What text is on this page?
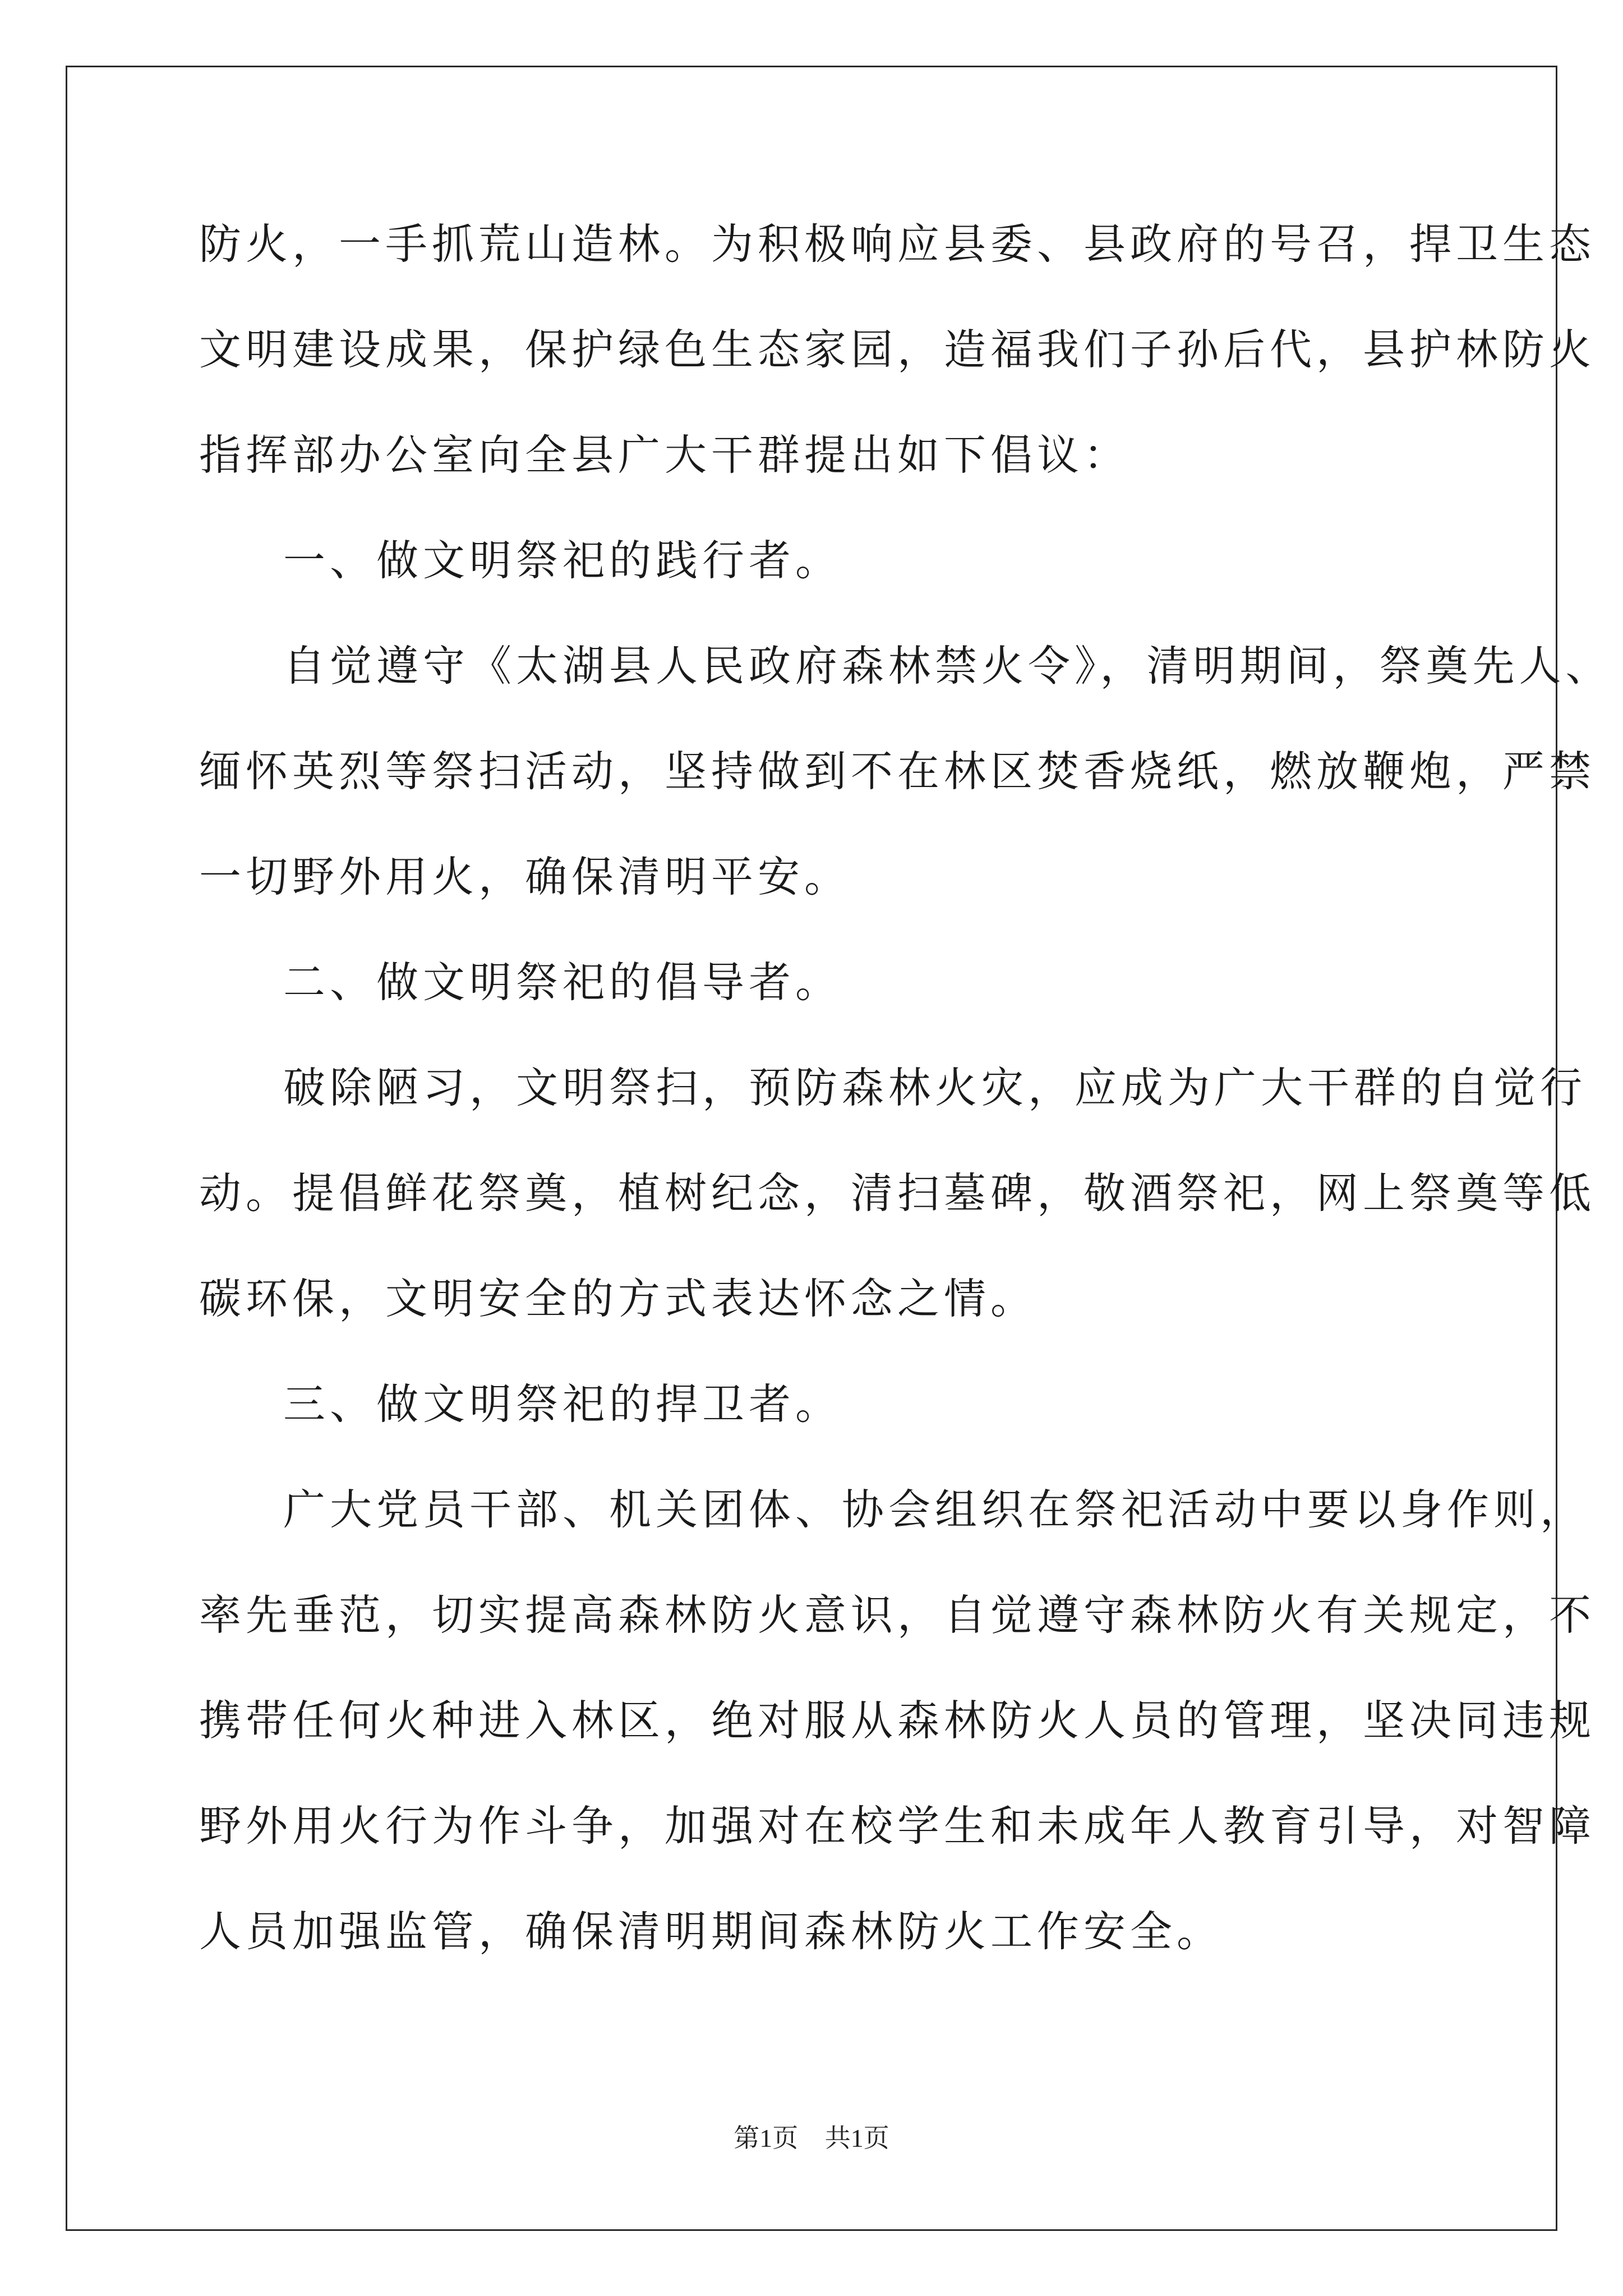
防火，一手抓荒山造林。为积极响应县委、县政府的号召，捍卫生态
文明建设成果，保护绿色生态家园，造福我们子孙后代，县护林防火
指挥部办公室向全县广大干群提出如下倡议：
一、做文明祭祀的践行者。
自觉遵守《太湖县人民政府森林禁火令》，清明期间，祭奠先人、
缅怀英烈等祭扫活动，坚持做到不在林区焚香烧纸，燃放鞭炮，严禁
一切野外用火，确保清明平安。
二、做文明祭祀的倡导者。
破除陋习，文明祭扫，预防森林火灾，应成为广大干群的自觉行
动。提倡鲜花祭奠，植树纪念，清扫墓碑，敬酒祭祀，网上祭奠等低
碳环保，文明安全的方式表达怀念之情。
三、做文明祭祀的捍卫者。
广大党员干部、机关团体、协会组织在祭祀活动中要以身作则，
率先垂范，切实提高森林防火意识，自觉遵守森林防火有关规定，不
携带任何火种进入林区，绝对服从森林防火人员的管理，坚决同违规
野外用火行为作斗争，加强对在校学生和未成年人教育引导，对智障
人员加强监管，确保清明期间森林防火工作安全。
第1页 共1页
